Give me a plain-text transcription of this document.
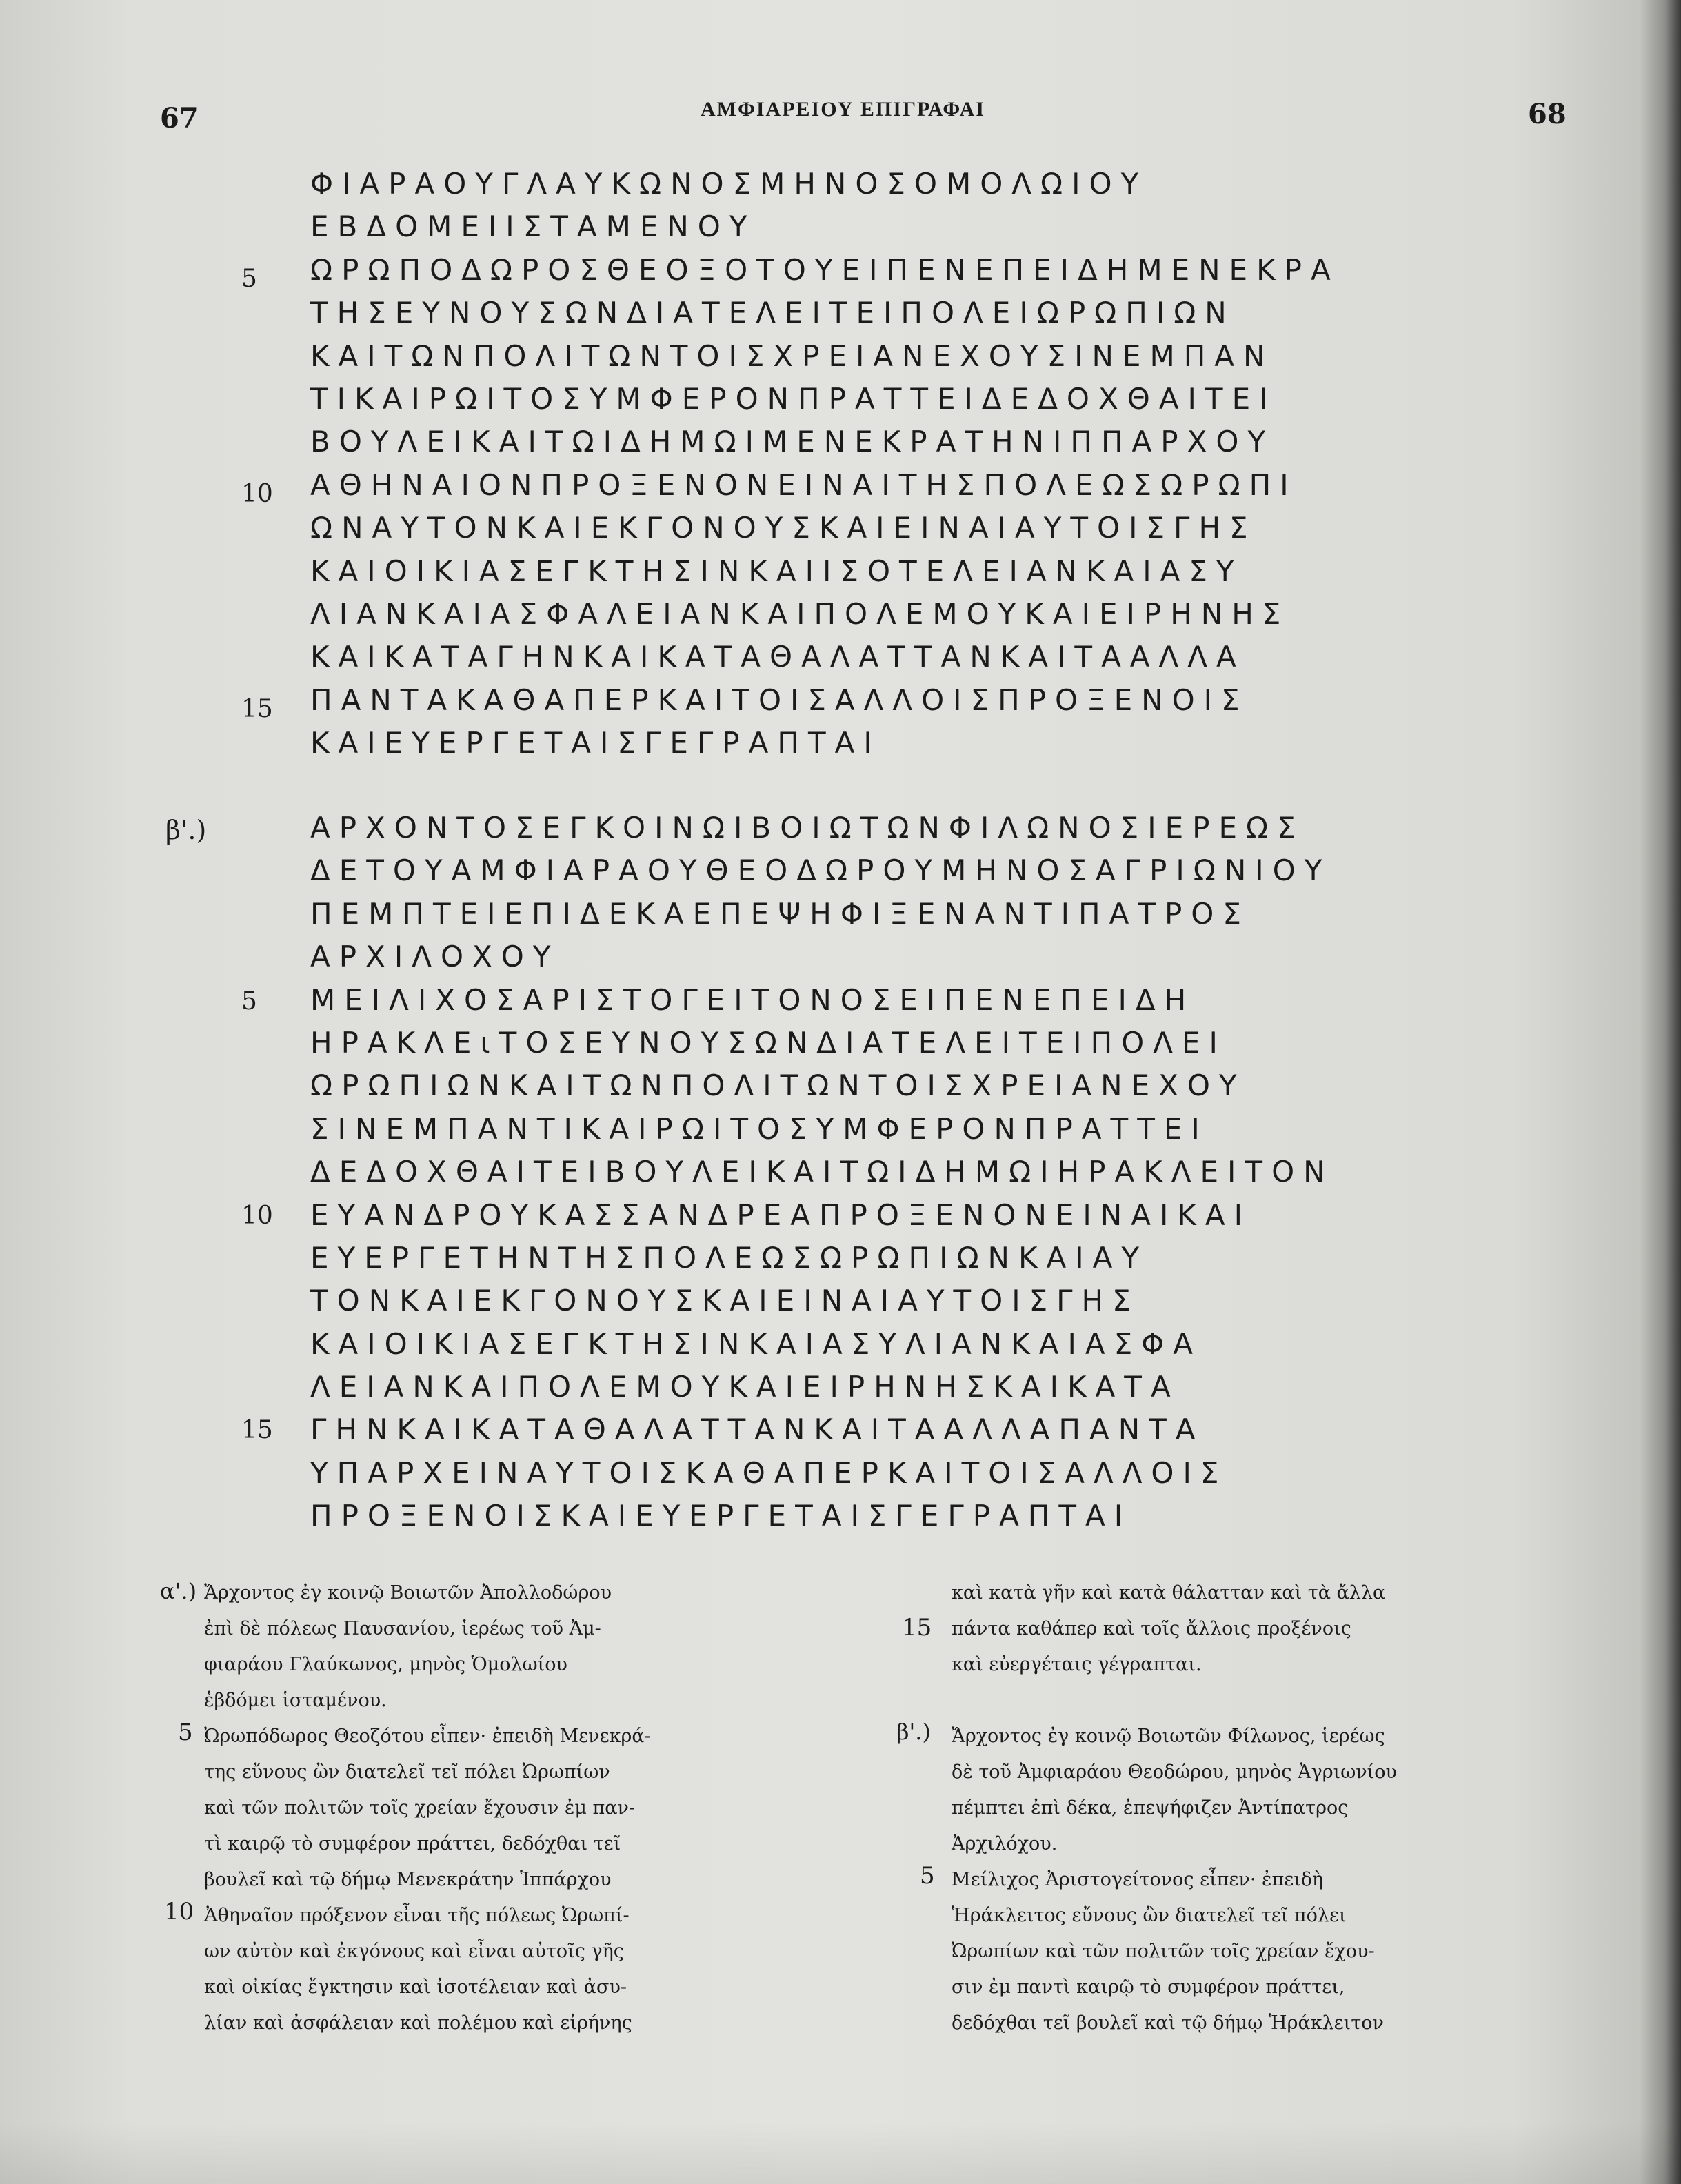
67	ΑΜΦΙΑΡΕΙΟΥ ΕΠΙΓΡΑΦΑΙ	68
ΦΙΑΡΑΟΥΓΛΑΥΚΩΝΟΣΜΗΝΟΣΟΜΟΛΩΙΟΥ
ΕΒΔΟΜΕΙΙΣΤΑΜΕΝΟΥ
ΩΡΩΠΟΔΩΡΟΣΘΕΟΞΟΤΟΥΕΙΠΕΝΕΠΕΙΔΗΜΕΝΕΚΡΑ
ΤΗΣΕΥΝΟΥΣΩΝΔΙΑΤΕΛΕΙΤΕΙΠΟΛΕΙΩΡΩΠΙΩΝ
ΚΑΙΤΩΝΠΟΛΙΤΩΝΤΟΙΣΧΡΕΙΑΝΕΧΟΥΣΙΝΕΜΠΑΝ
ΤΙΚΑΙΡΩΙΤΟΣΥΜΦΕΡΟΝΠΡΑΤΤΕΙΔΕΔΟΧΘΑΙΤΕΙ
ΒΟΥΛΕΙΚΑΙΤΩΙΔΗΜΩΙΜΕΝΕΚΡΑΤΗΝΙΠΠΑΡΧΟΥ
ΑΘΗΝΑΙΟΝΠΡΟΞΕΝΟΝΕΙΝΑΙΤΗΣΠΟΛΕΩΣΩΡΩΠΙ
ΩΝΑΥΤΟΝΚΑΙΕΚΓΟΝΟΥΣΚΑΙΕΙΝΑΙΑΥΤΟΙΣΓΗΣ
ΚΑΙΟΙΚΙΑΣΕΓΚΤΗΣΙΝΚΑΙΙΣΟΤΕΛΕΙΑΝΚΑΙΑΣΥ
ΛΙΑΝΚΑΙΑΣΦΑΛΕΙΑΝΚΑΙΠΟΛΕΜΟΥΚΑΙΕΙΡΗΝΗΣ
ΚΑΙΚΑΤΑΓΗΝΚΑΙΚΑΤΑΘΑΛΑΤΤΑΝΚΑΙΤΑΑΛΛΑ
ΠΑΝΤΑΚΑΘΑΠΕΡΚΑΙΤΟΙΣΑΛΛΟΙΣΠΡΟΞΕΝΟΙΣ
ΚΑΙΕΥΕΡΓΕΤΑΙΣΓΕΓΡΑΠΤΑΙ
5
10
15
β'.)	ΑΡΧΟΝΤΟΣΕΓΚΟΙΝΩΙΒΟΙΩΤΩΝΦΙΛΩΝΟΣΙΕΡΕΩΣ
ΔΕΤΟΥΑΜΦΙΑΡΑΟΥΘΕΟΔΩΡΟΥΜΗΝΟΣΑΓΡΙΩΝΙΟΥ
ΠΕΜΠΤΕΙΕΠΙΔΕΚΑΕΠΕΨΗΦΙΞΕΝΑΝΤΙΠΑΤΡΟΣ
ΑΡΧΙΛΟΧΟΥ
ΜΕΙΛΙΧΟΣΑΡΙΣΤΟΓΕΙΤΟΝΟΣΕΙΠΕΝΕΠΕΙΔΗ
ΗΡΑΚΛΕιΤΟΣΕΥΝΟΥΣΩΝΔΙΑΤΕΛΕΙΤΕΙΠΟΛΕΙ
ΩΡΩΠΙΩΝΚΑΙΤΩΝΠΟΛΙΤΩΝΤΟΙΣΧΡΕΙΑΝΕΧΟΥ
ΣΙΝΕΜΠΑΝΤΙΚΑΙΡΩΙΤΟΣΥΜΦΕΡΟΝΠΡΑΤΤΕΙ
ΔΕΔΟΧΘΑΙΤΕΙΒΟΥΛΕΙΚΑΙΤΩΙΔΗΜΩΙΗΡΑΚΛΕΙΤΟΝ
ΕΥΑΝΔΡΟΥΚΑΣΣΑΝΔΡΕΑΠΡΟΞΕΝΟΝΕΙΝΑΙΚΑΙ
ΕΥΕΡΓΕΤΗΝΤΗΣΠΟΛΕΩΣΩΡΩΠΙΩΝΚΑΙΑΥ
ΤΟΝΚΑΙΕΚΓΟΝΟΥΣΚΑΙΕΙΝΑΙΑΥΤΟΙΣΓΗΣ
ΚΑΙΟΙΚΙΑΣΕΓΚΤΗΣΙΝΚΑΙΑΣΥΛΙΑΝΚΑΙΑΣΦΑ
ΛΕΙΑΝΚΑΙΠΟΛΕΜΟΥΚΑΙΕΙΡΗΝΗΣΚΑΙΚΑΤΑ
ΓΗΝΚΑΙΚΑΤΑΘΑΛΑΤΤΑΝΚΑΙΤΑΑΛΛΑΠΑΝΤΑ
ΥΠΑΡΧΕΙΝΑΥΤΟΙΣΚΑΘΑΠΕΡΚΑΙΤΟΙΣΑΛΛΟΙΣ
ΠΡΟΞΕΝΟΙΣΚΑΙΕΥΕΡΓΕΤΑΙΣΓΕΓΡΑΠΤΑΙ
5
10
15
α'.) Ἄρχοντος ἐγ κοινῷ Βοιωτῶν Ἀπολλοδώρου
ἐπὶ δὲ πόλεως Παυσανίου, ἱερέως τοῦ Ἀμ-
φιαράου Γλαύκωνος, μηνὸς Ὁμολωίου
ἑβδόμει ἱσταμένου.
Ὠρωπόδωρος Θεοζότου εἶπεν· ἐπειδὴ Μενεκρά-
της εὔνους ὢν διατελεῖ τεῖ πόλει Ὠρωπίων
καὶ τῶν πολιτῶν τοῖς χρείαν ἔχουσιν ἐμ παν-
τὶ καιρῷ τὸ συμφέρον πράττει, δεδόχθαι τεῖ
βουλεῖ καὶ τῷ δήμῳ Μενεκράτην Ἱππάρχου
Ἀθηναῖον πρόξενον εἶναι τῆς πόλεως Ὠρωπί-
ων αὐτὸν καὶ ἐκγόνους καὶ εἶναι αὐτοῖς γῆς
καὶ οἰκίας ἔγκτησιν καὶ ἰσοτέλειαν καὶ ἀσυ-
λίαν καὶ ἀσφάλειαν καὶ πολέμου καὶ εἰρήνης
5
10
καὶ κατὰ γῆν καὶ κατὰ θάλατταν καὶ τὰ ἄλλα
πάντα καθάπερ καὶ τοῖς ἄλλοις προξένοις
καὶ εὐεργέταις γέγραπται.
Ἄρχοντος ἐγ κοινῷ Βοιωτῶν Φίλωνος, ἱερέως
δὲ τοῦ Ἀμφιαράου Θεοδώρου, μηνὸς Ἀγριωνίου
πέμπτει ἐπὶ δέκα, ἐπεψήφιζεν Ἀντίπατρος
Ἀρχιλόχου.
Μείλιχος Ἀριστογείτονος εἶπεν· ἐπειδὴ
Ἡράκλειτος εὔνους ὢν διατελεῖ τεῖ πόλει
Ὠρωπίων καὶ τῶν πολιτῶν τοῖς χρείαν ἔχου-
σιν ἐμ παντὶ καιρῷ τὸ συμφέρον πράττει,
δεδόχθαι τεῖ βουλεῖ καὶ τῷ δήμῳ Ἡράκλειτον
15
β'.)
5
